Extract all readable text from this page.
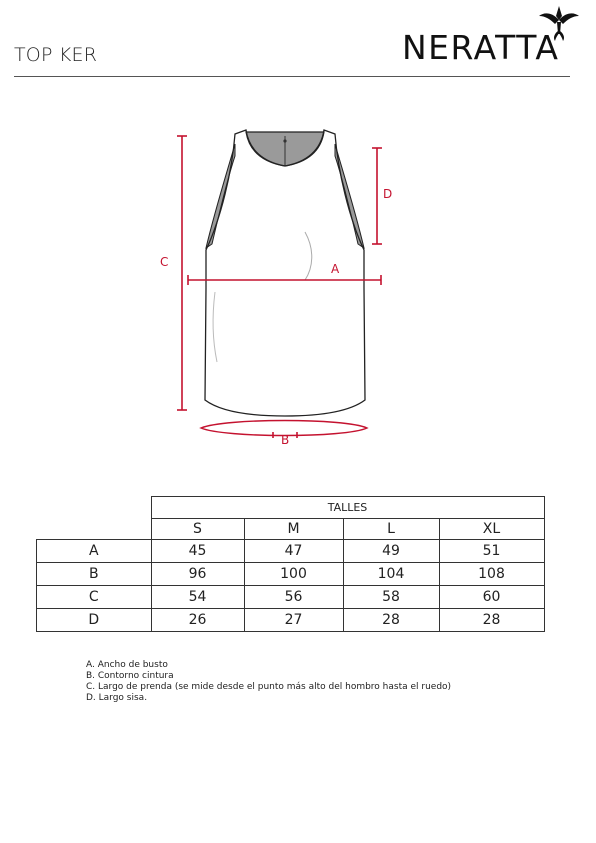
TOP KER	NERATTA
C
D
A
B
	TALLES			
	S	M	L	XL
A	45	47	49	51
B	96	100	104	108
C	54	56	58	60
D	26	27	28	28
A. Ancho de busto
B. Contorno cintura
C. Largo de prenda (se mide desde el punto más alto del hombro hasta el ruedo)
D. Largo sisa.
